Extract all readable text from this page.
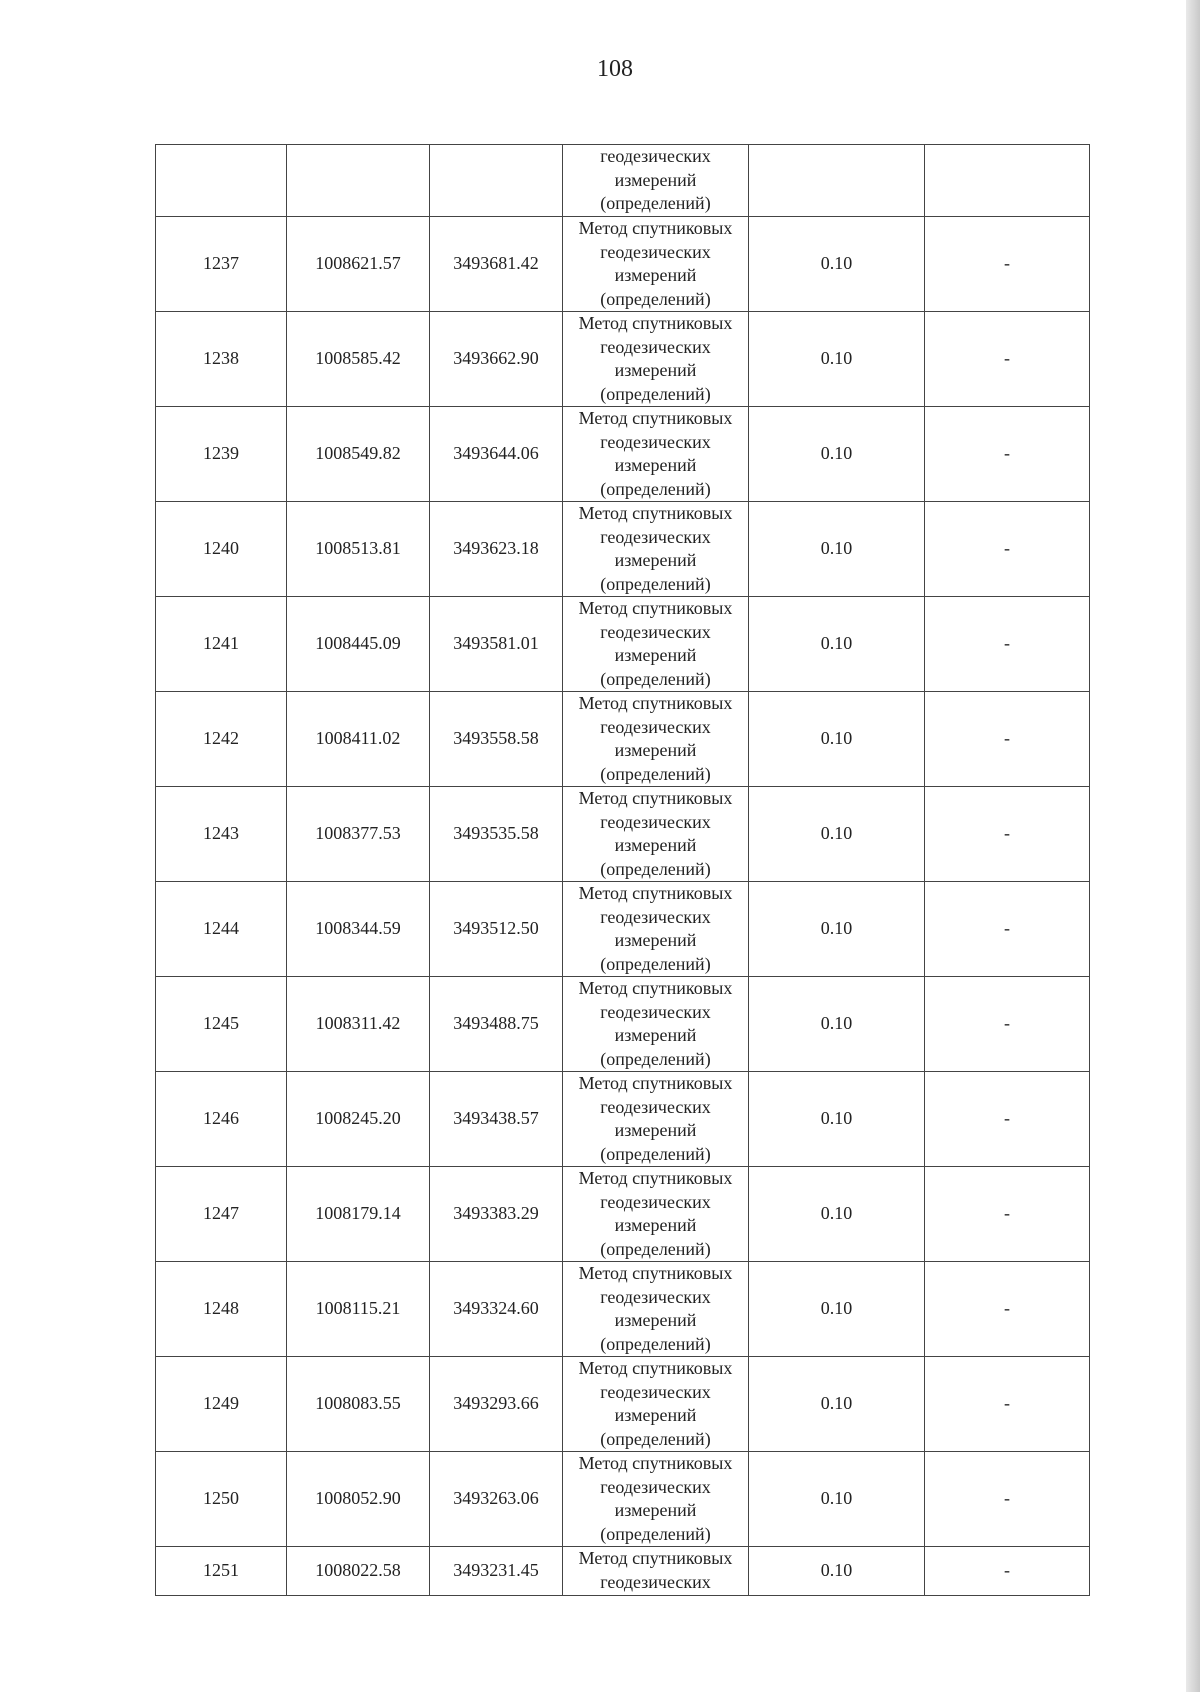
108

			геодезических
измерений
(определений)		

1237	1008621.57	3493681.42	Метод спутниковых
геодезических
измерений
(определений)	0.10	-
1238	1008585.42	3493662.90	Метод спутниковых
геодезических
измерений
(определений)	0.10	-
1239	1008549.82	3493644.06	Метод спутниковых
геодезических
измерений
(определений)	0.10	-
1240	1008513.81	3493623.18	Метод спутниковых
геодезических
измерений
(определений)	0.10	-
1241	1008445.09	3493581.01	Метод спутниковых
геодезических
измерений
(определений)	0.10	-
1242	1008411.02	3493558.58	Метод спутниковых
геодезических
измерений
(определений)	0.10	-
1243	1008377.53	3493535.58	Метод спутниковых
геодезических
измерений
(определений)	0.10	-
1244	1008344.59	3493512.50	Метод спутниковых
геодезических
измерений
(определений)	0.10	-
1245	1008311.42	3493488.75	Метод спутниковых
геодезических
измерений
(определений)	0.10	-
1246	1008245.20	3493438.57	Метод спутниковых
геодезических
измерений
(определений)	0.10	-
1247	1008179.14	3493383.29	Метод спутниковых
геодезических
измерений
(определений)	0.10	-
1248	1008115.21	3493324.60	Метод спутниковых
геодезических
измерений
(определений)	0.10	-
1249	1008083.55	3493293.66	Метод спутниковых
геодезических
измерений
(определений)	0.10	-
1250	1008052.90	3493263.06	Метод спутниковых
геодезических
измерений
(определений)	0.10	-
1251	1008022.58	3493231.45	Метод спутниковых
геодезических	0.10	-
